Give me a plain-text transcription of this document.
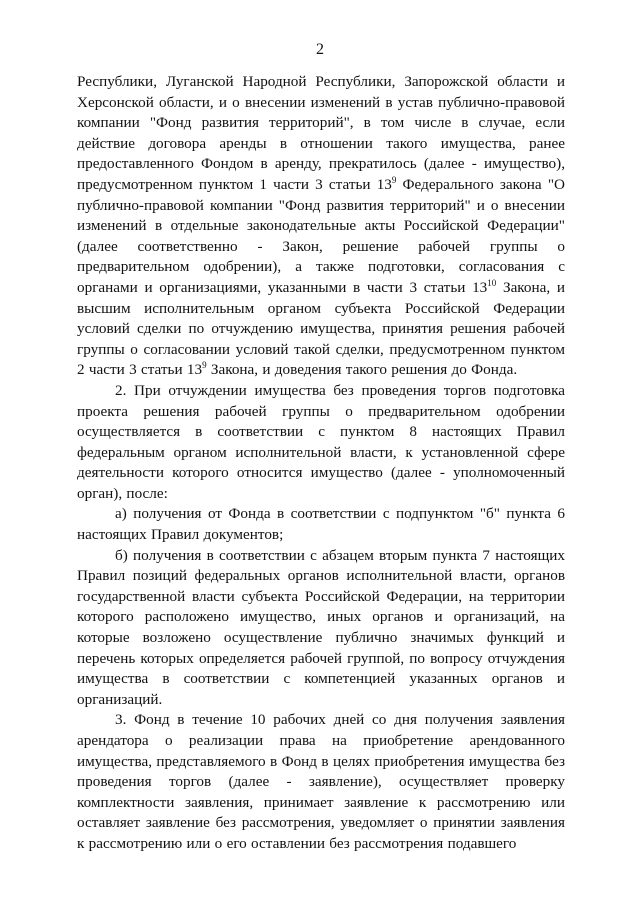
2

Республики, Луганской Народной Республики, Запорожской области и Херсонской области, и о внесении изменений в устав публично-правовой компании "Фонд развития территорий", в том числе в случае, если действие договора аренды в отношении такого имущества, ранее предоставленного Фондом в аренду, прекратилось (далее - имущество), предусмотренном пунктом 1 части 3 статьи $13^9$ Федерального закона "О публично-правовой компании "Фонд развития территорий" и о внесении изменений в отдельные законодательные акты Российской Федерации" (далее соответственно - Закон, решение рабочей группы о предварительном одобрении), а также подготовки, согласования с органами и организациями, указанными в части 3 статьи $13^{10}$ Закона, и высшим исполнительным органом субъекта Российской Федерации условий сделки по отчуждению имущества, принятия решения рабочей группы о согласовании условий такой сделки, предусмотренном пунктом 2 части 3 статьи $13^9$ Закона, и доведения такого решения до Фонда.

2. При отчуждении имущества без проведения торгов подготовка проекта решения рабочей группы о предварительном одобрении осуществляется в соответствии с пунктом 8 настоящих Правил федеральным органом исполнительной власти, к установленной сфере деятельности которого относится имущество (далее - уполномоченный орган), после:

а) получения от Фонда в соответствии с подпунктом "б" пункта 6 настоящих Правил документов;

б) получения в соответствии с абзацем вторым пункта 7 настоящих Правил позиций федеральных органов исполнительной власти, органов государственной власти субъекта Российской Федерации, на территории которого расположено имущество, иных органов и организаций, на которые возложено осуществление публично значимых функций и перечень которых определяется рабочей группой, по вопросу отчуждения имущества в соответствии с компетенцией указанных органов и организаций.

3. Фонд в течение 10 рабочих дней со дня получения заявления арендатора о реализации права на приобретение арендованного имущества, представляемого в Фонд в целях приобретения имущества без проведения торгов (далее - заявление), осуществляет проверку комплектности заявления, принимает заявление к рассмотрению или оставляет заявление без рассмотрения, уведомляет о принятии заявления к рассмотрению или о его оставлении без рассмотрения подавшего
